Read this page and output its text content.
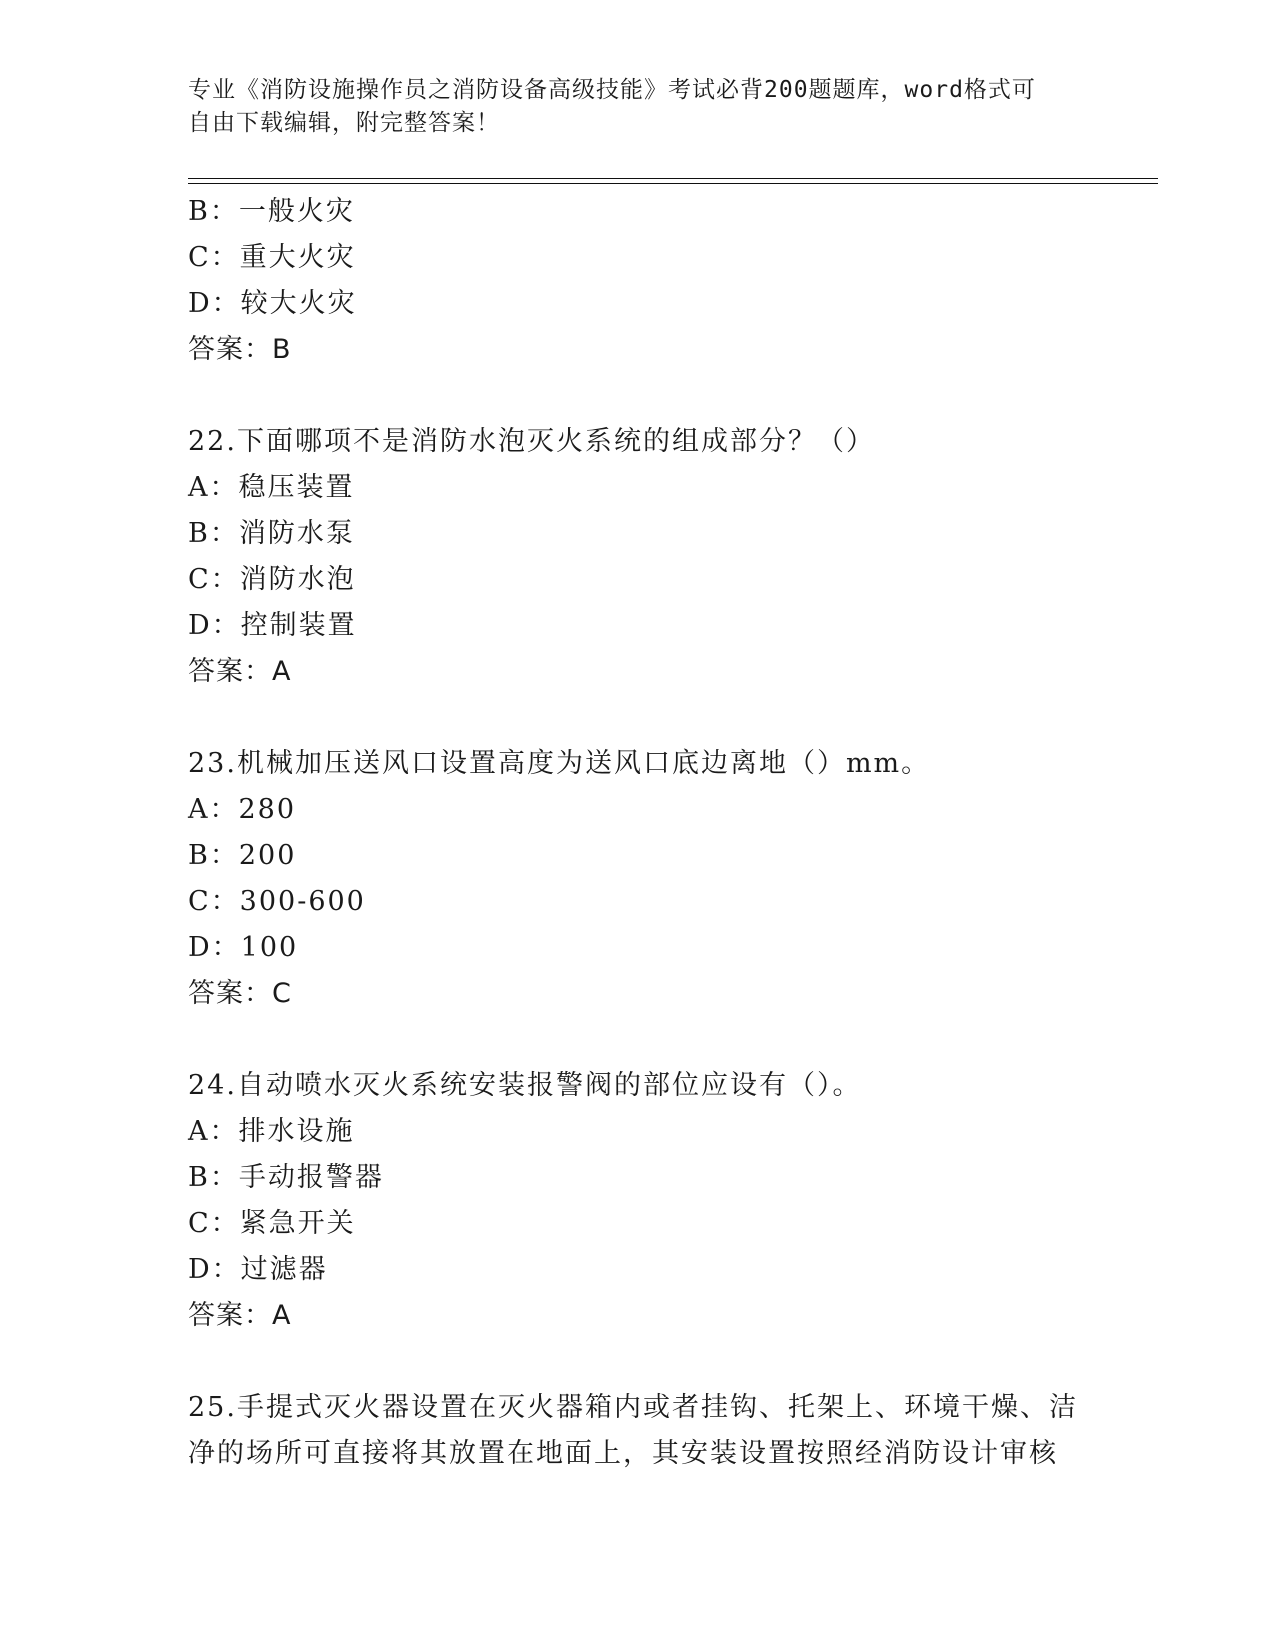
专业《消防设施操作员之消防设备高级技能》考试必背200题题库，word格式可
自由下载编辑，附完整答案！
B：一般火灾
C：重大火灾
D：较大火灾
答案：B
22.下面哪项不是消防水泡灭火系统的组成部分？（）
A：稳压装置
B：消防水泵
C：消防水泡
D：控制装置
答案：A
23.机械加压送风口设置高度为送风口底边离地（）mm。
A：280
B：200
C：300-600
D：100
答案：C
24.自动喷水灭火系统安装报警阀的部位应设有（）。
A：排水设施
B：手动报警器
C：紧急开关
D：过滤器
答案：A
25.手提式灭火器设置在灭火器箱内或者挂钩、托架上、环境干燥、洁
净的场所可直接将其放置在地面上，其安装设置按照经消防设计审核
